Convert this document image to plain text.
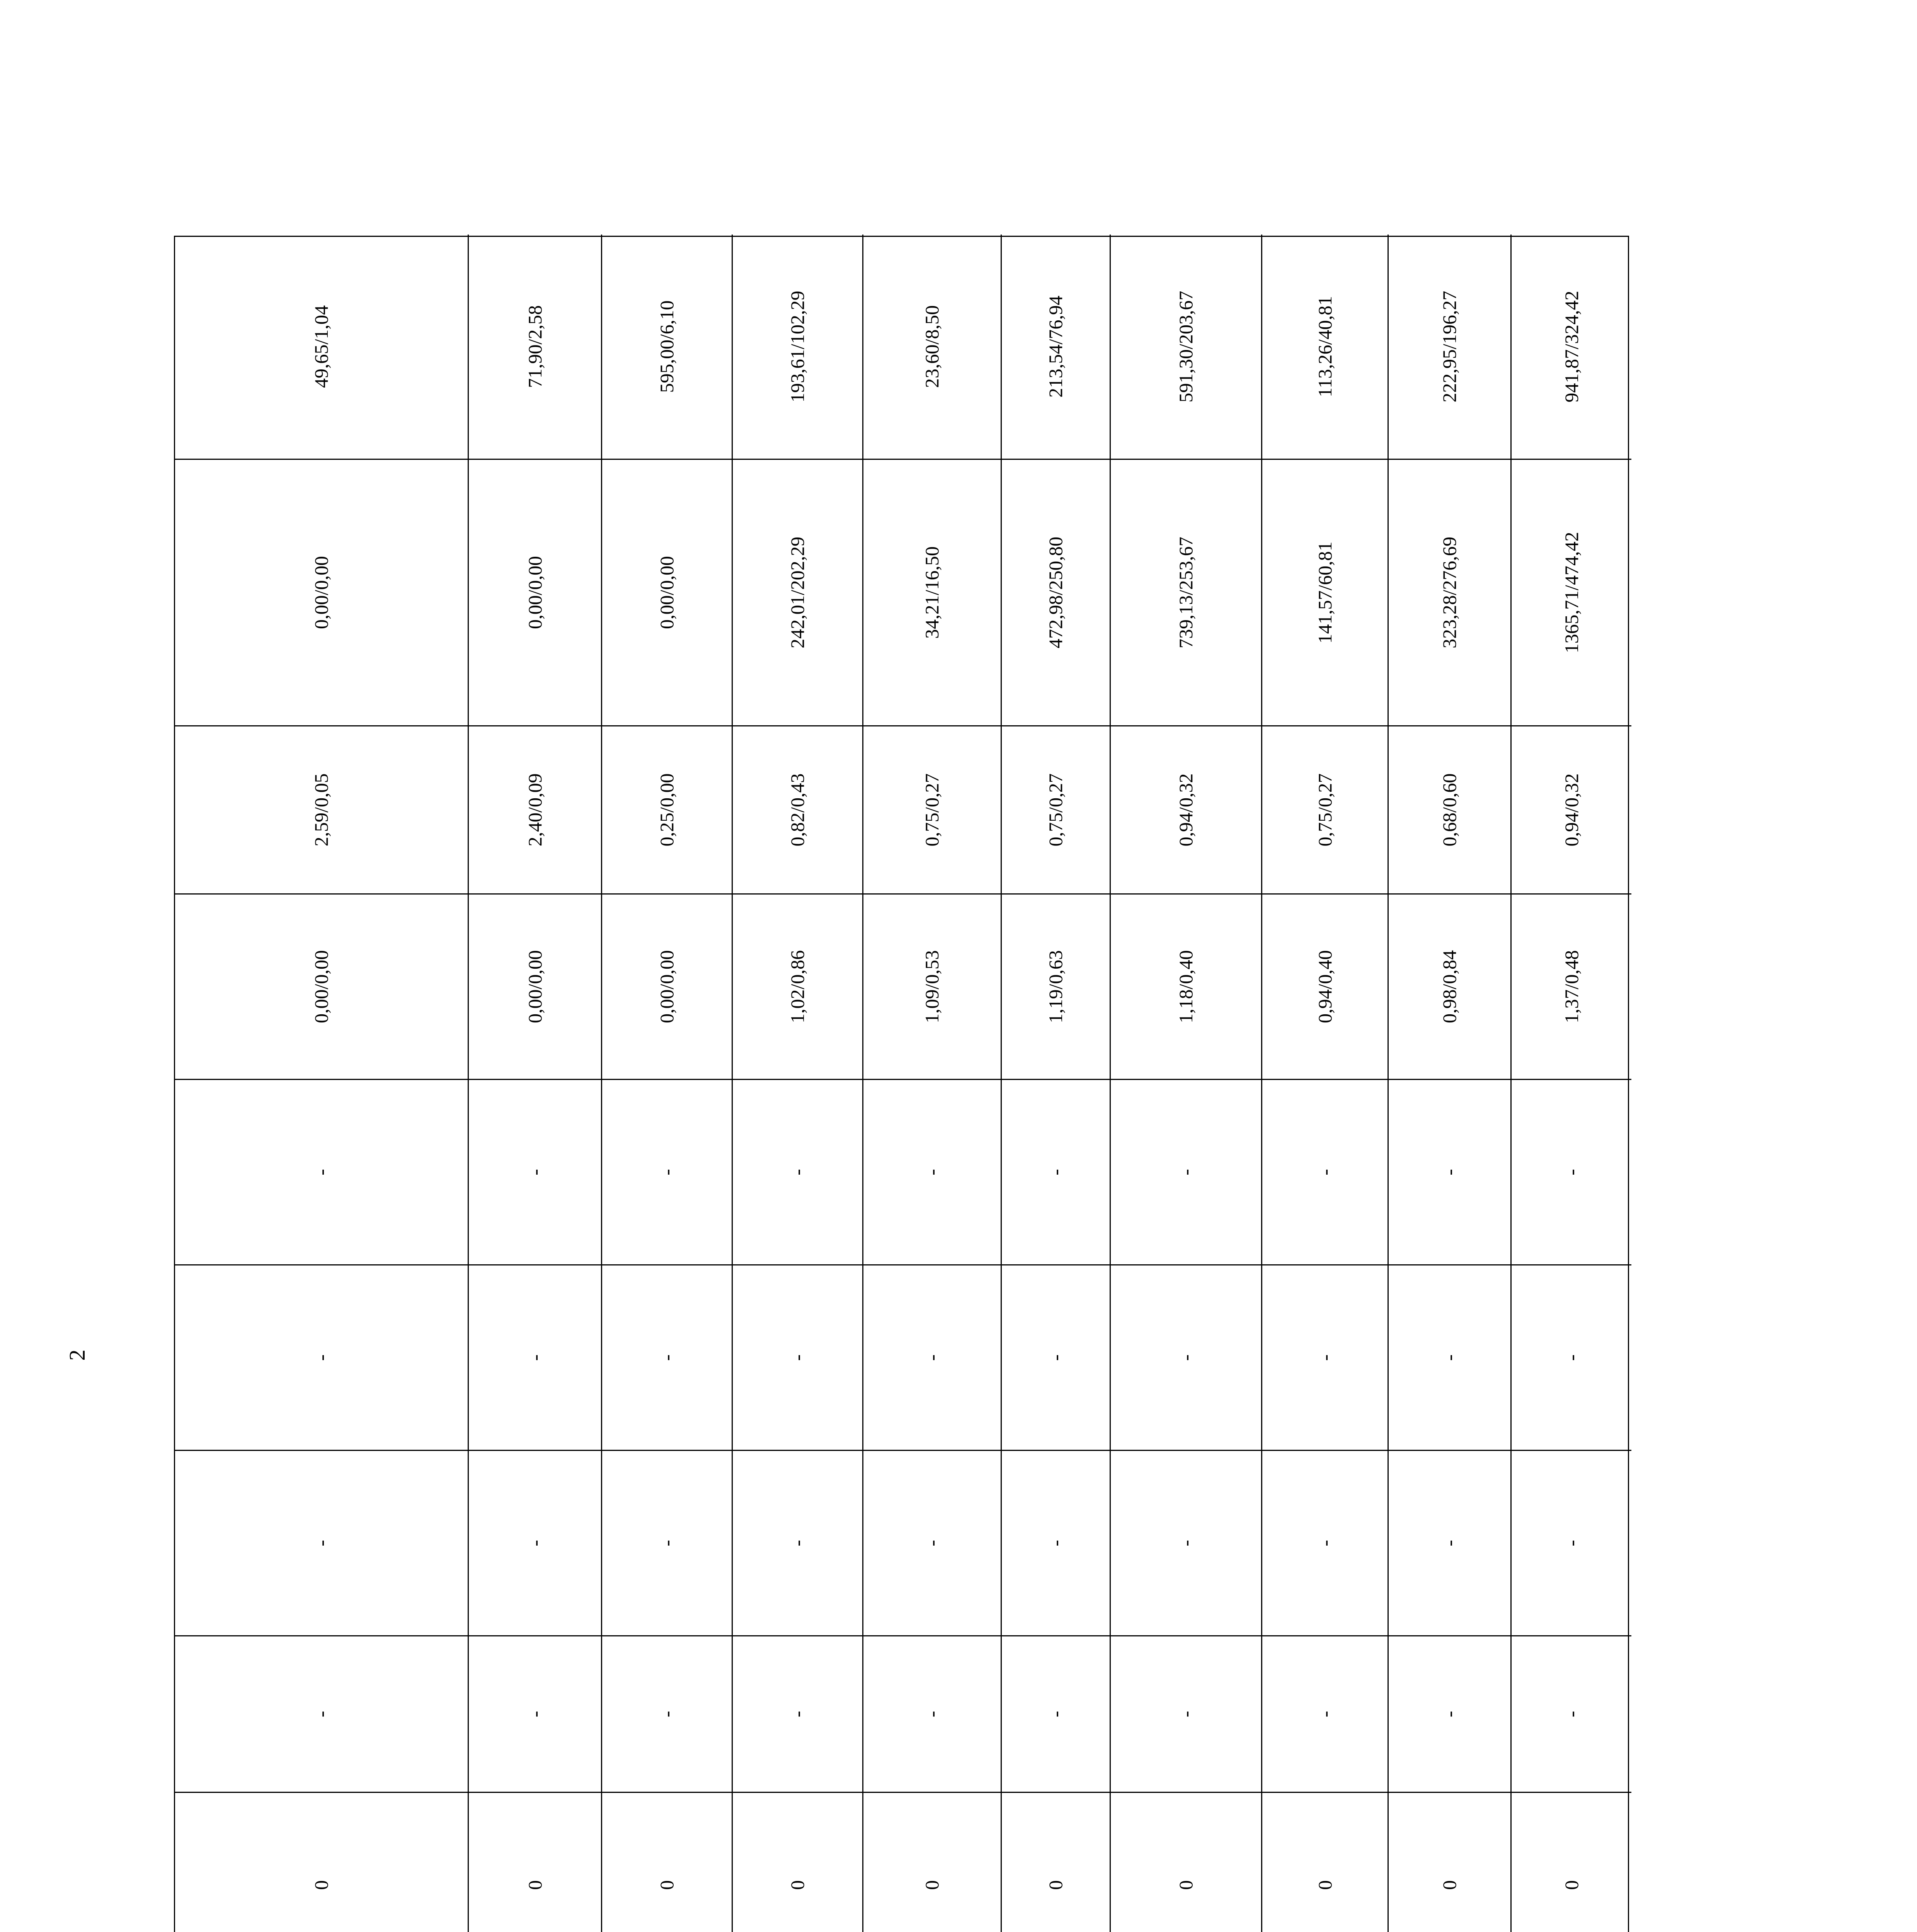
2
0
-
-
-
-
0,00/0,00
2,59/0,05
0,00/0,00
49,65/1,04
0
-
-
-
-
0,00/0,00
2,40/0,09
0,00/0,00
71,90/2,58
0
-
-
-
-
0,00/0,00
0,25/0,00
0,00/0,00
595,00/6,10
0
-
-
-
-
1,02/0,86
0,82/0,43
242,01/202,29
193,61/102,29
0
-
-
-
-
1,09/0,53
0,75/0,27
34,21/16,50
23,60/8,50
0
-
-
-
-
1,19/0,63
0,75/0,27
472,98/250,80
213,54/76,94
0
-
-
-
-
1,18/0,40
0,94/0,32
739,13/253,67
591,30/203,67
0
-
-
-
-
0,94/0,40
0,75/0,27
141,57/60,81
113,26/40,81
0
-
-
-
-
0,98/0,84
0,68/0,60
323,28/276,69
222,95/196,27
0
-
-
-
-
1,37/0,48
0,94/0,32
1365,71/474,42
941,87/324,42
